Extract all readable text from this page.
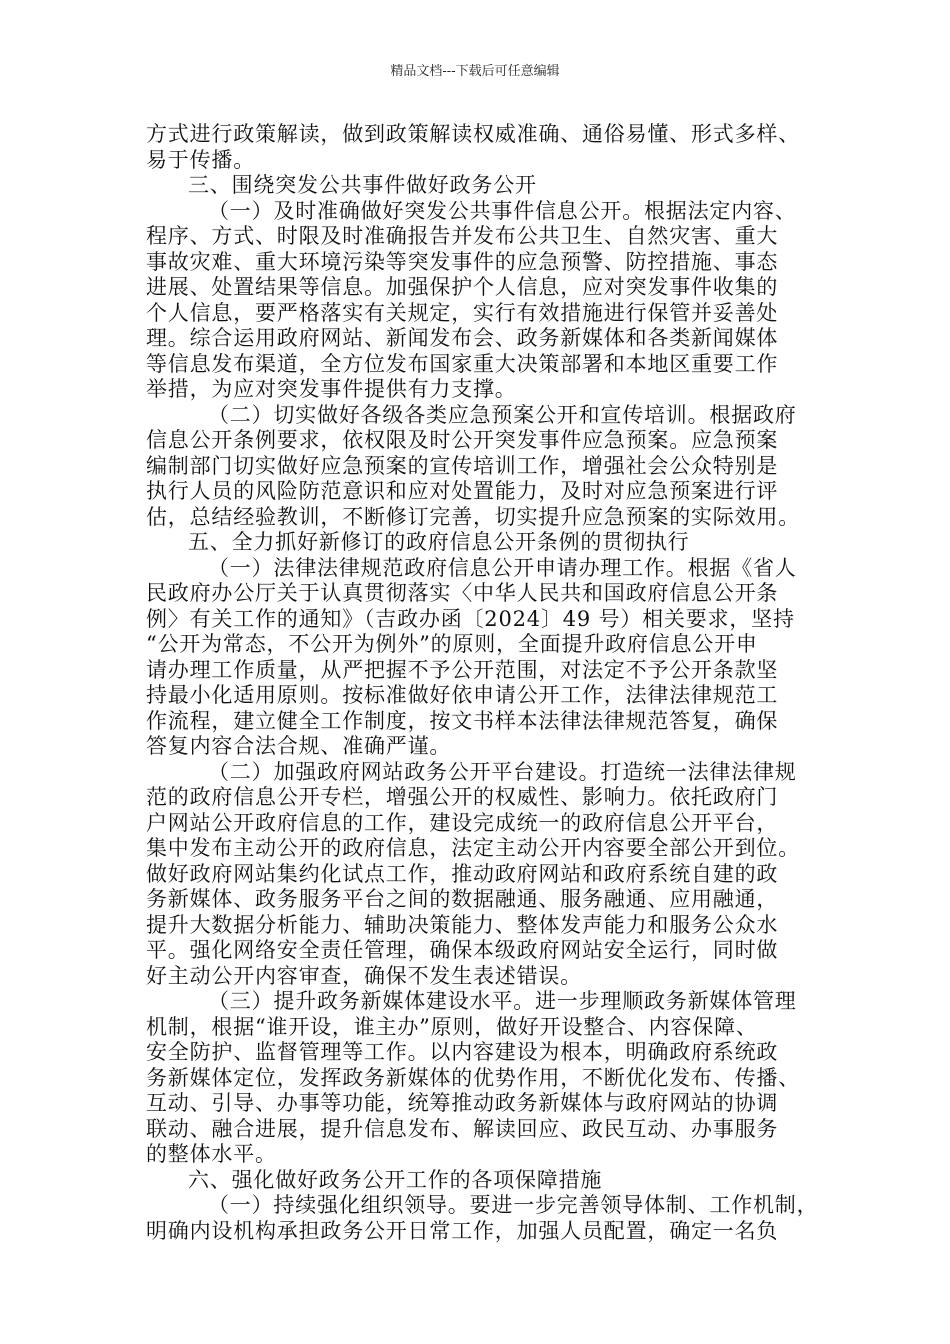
精品文档---下载后可任意编辑
方式进行政策解读，做到政策解读权威准确、通俗易懂、形式多样、
易于传播。
三、围绕突发公共事件做好政务公开
（一）及时准确做好突发公共事件信息公开。根据法定内容、
程序、方式、时限及时准确报告并发布公共卫生、自然灾害、重大
事故灾难、重大环境污染等突发事件的应急预警、防控措施、事态
进展、处置结果等信息。加强保护个人信息，应对突发事件收集的
个人信息，要严格落实有关规定，实行有效措施进行保管并妥善处
理。综合运用政府网站、新闻发布会、政务新媒体和各类新闻媒体
等信息发布渠道，全方位发布国家重大决策部署和本地区重要工作
举措，为应对突发事件提供有力支撑。
（二）切实做好各级各类应急预案公开和宣传培训。根据政府
信息公开条例要求，依权限及时公开突发事件应急预案。应急预案
编制部门切实做好应急预案的宣传培训工作，增强社会公众特别是
执行人员的风险防范意识和应对处置能力，及时对应急预案进行评
估，总结经验教训，不断修订完善，切实提升应急预案的实际效用。
五、全力抓好新修订的政府信息公开条例的贯彻执行
（一）法律法律规范政府信息公开申请办理工作。根据《省人
民政府办公厅关于认真贯彻落实〈中华人民共和国政府信息公开条
例〉有关工作的通知》（吉政办函〔2024〕49 号）相关要求，坚持
“公开为常态，不公开为例外”的原则，全面提升政府信息公开申
请办理工作质量，从严把握不予公开范围，对法定不予公开条款坚
持最小化适用原则。按标准做好依申请公开工作，法律法律规范工
作流程，建立健全工作制度，按文书样本法律法律规范答复，确保
答复内容合法合规、准确严谨。
（二）加强政府网站政务公开平台建设。打造统一法律法律规
范的政府信息公开专栏，增强公开的权威性、影响力。依托政府门
户网站公开政府信息的工作，建设完成统一的政府信息公开平台，
集中发布主动公开的政府信息，法定主动公开内容要全部公开到位。
做好政府网站集约化试点工作，推动政府网站和政府系统自建的政
务新媒体、政务服务平台之间的数据融通、服务融通、应用融通，
提升大数据分析能力、辅助决策能力、整体发声能力和服务公众水
平。强化网络安全责任管理，确保本级政府网站安全运行，同时做
好主动公开内容审查，确保不发生表述错误。
（三）提升政务新媒体建设水平。进一步理顺政务新媒体管理
机制，根据“谁开设，谁主办”原则，做好开设整合、内容保障、
安全防护、监督管理等工作。以内容建设为根本，明确政府系统政
务新媒体定位，发挥政务新媒体的优势作用，不断优化发布、传播、
互动、引导、办事等功能，统筹推动政务新媒体与政府网站的协调
联动、融合进展，提升信息发布、解读回应、政民互动、办事服务
的整体水平。
六、强化做好政务公开工作的各项保障措施
（一）持续强化组织领导。要进一步完善领导体制、工作机制，
明确内设机构承担政务公开日常工作，加强人员配置，确定一名负
